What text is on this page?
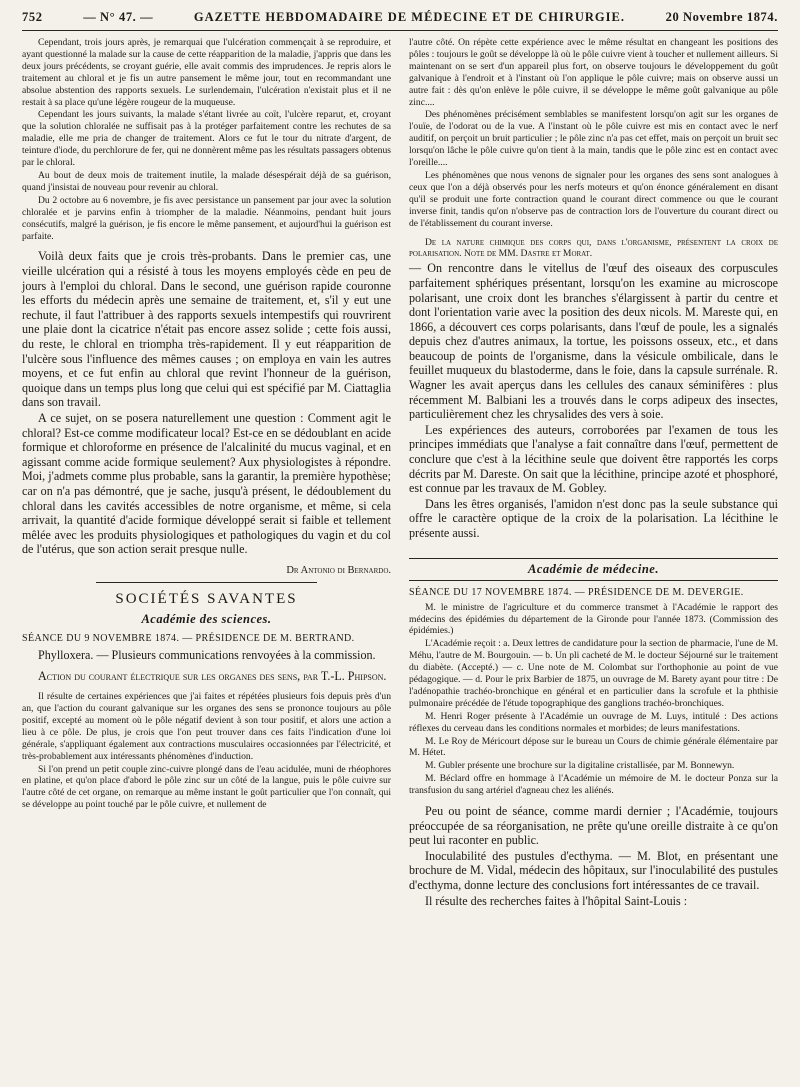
752	— N° 47. —	GAZETTE HEBDOMADAIRE DE MÉDECINE ET DE CHIRURGIE.	20 Novembre 1874.

Cependant, trois jours après, je remarquai que l'ulcération commençait à se reproduire, et ayant questionné la malade sur la cause de cette réapparition de la maladie, j'appris que dans les deux jours précédents, se croyant guérie, elle avait commis des imprudences. Je repris alors le traitement au chloral et je fis un autre pansement le même jour, tout en recommandant une absolue abstention des rapports sexuels. Le surlendemain, l'ulcération n'existait plus et il ne restait à sa place qu'une légère rougeur de la muqueuse.

Cependant les jours suivants, la malade s'étant livrée au coït, l'ulcère reparut, et, croyant que la solution chloralée ne suffisait pas à la protéger parfaitement contre les rechutes de sa maladie, elle me pria de changer de traitement. Alors ce fut le tour du nitrate d'argent, de teinture d'iode, du perchlorure de fer, qui ne donnèrent même pas les résultats passagers obtenus par le chloral.

Au bout de deux mois de traitement inutile, la malade désespérait déjà de sa guérison, quand j'insistai de nouveau pour revenir au chloral.

Du 2 octobre au 6 novembre, je fis avec persistance un pansement par jour avec la solution chloralée et je parvins enfin à triompher de la maladie. Néanmoins, pendant huit jours consécutifs, malgré la guérison, je fis encore le même pansement, et aujourd'hui la guérison est parfaite.

Voilà deux faits que je crois très-probants. Dans le premier cas, une vieille ulcération qui a résisté à tous les moyens employés cède en peu de jours à l'emploi du chloral. Dans le second, une guérison rapide couronne les efforts du médecin après une semaine de traitement, et, s'il y eut une rechute, il faut l'attribuer à des rapports sexuels intempestifs qui rouvrirent une plaie dont la cicatrice n'était pas encore assez solide ; cette fois aussi, du reste, le chloral en triompha très-rapidement. Il y eut réapparition de l'ulcère sous l'influence des mêmes causes ; on employa en vain les autres moyens, et ce fut enfin au chloral que revint l'honneur de la guérison, quoique dans un temps plus long que celui qui est spécifié par M. Ciattaglia dans son travail.

A ce sujet, on se posera naturellement une question : Comment agit le chloral? Est-ce comme modificateur local? Est-ce en se dédoublant en acide formique et chloroforme en présence de l'alcalinité du mucus vaginal, et en agissant comme acide formique seulement? Aux physiologistes à répondre. Moi, j'admets comme plus probable, sans la garantir, la première hypothèse; car on n'a pas démontré, que je sache, jusqu'à présent, le dédoublement du chloral dans les cavités accessibles de notre organisme, et même, si cela arrivait, la quantité d'acide formique développé serait si faible et tellement mêlée avec les produits physiologiques et pathologiques du vagin et du col de l'utérus, que son action serait presque nulle.

Dr Antonio di Bernardo.
SOCIÉTÉS SAVANTES
Académie des sciences.
SÉANCE DU 9 NOVEMBRE 1874. — PRÉSIDENCE DE M. BERTRAND.

Phylloxera. — Plusieurs communications renvoyées à la commission.

Action du courant électrique sur les organes des sens, par T.-L. Phipson.

Il résulte de certaines expériences que j'ai faites et répétées plusieurs fois depuis près d'un an, que l'action du courant galvanique sur les organes des sens se prononce toujours au pôle positif, excepté au moment où le pôle négatif devient à son tour positif, et alors une action a lieu à ce pôle. De plus, je crois que l'on peut trouver dans ces faits l'indication d'une loi générale, s'appliquant également aux contractions musculaires occasionnées par l'électricité, et très-probablement aux intéressants phénomènes d'induction.

Si l'on prend un petit couple zinc-cuivre plongé dans de l'eau acidulée, muni de rhéophores en platine, et qu'on place d'abord le pôle zinc sur un côté de la langue, puis le pôle cuivre sur l'autre côté de cet organe, on remarque au même instant le goût particulier que l'on connaît, qui se développe au point touché par le pôle cuivre, et nullement de

l'autre côté. On répète cette expérience avec le même résultat en changeant les positions des pôles : toujours le goût se développe là où le pôle cuivre vient à toucher et nullement ailleurs. Si maintenant on se sert d'un appareil plus fort, on observe toujours le développement du goût galvanique à l'endroit et à l'instant où l'on applique le pôle cuivre; mais on observe aussi un autre fait : dès qu'on enlève le pôle cuivre, il se développe le même goût galvanique au pôle zinc....

Des phénomènes précisément semblables se manifestent lorsqu'on agit sur les organes de l'ouïe, de l'odorat ou de la vue. A l'instant où le pôle cuivre est mis en contact avec le nerf auditif, on perçoit un bruit particulier ; le pôle zinc n'a pas cet effet, mais on perçoit un bruit sec lorsqu'on lâche le pôle cuivre qu'on tient à la main, tandis que le pôle zinc est en contact avec l'oreille....

Les phénomènes que nous venons de signaler pour les organes des sens sont analogues à ceux que l'on a déjà observés pour les nerfs moteurs et qu'on énonce généralement en disant qu'il se produit une forte contraction quand le courant direct commence ou que le courant inverse finit, tandis qu'on n'observe pas de contraction lors de l'ouverture du courant direct ou de l'établissement du courant inverse.

De la nature chimique des corps qui, dans l'organisme, présentent la croix de polarisation. Note de MM. Dastre et Morat.

— On rencontre dans le vitellus de l'œuf des oiseaux des corpuscules parfaitement sphériques présentant, lorsqu'on les examine au microscope polarisant, une croix dont les branches s'élargissent à partir du centre et dont l'orientation varie avec la position des deux nicols. M. Mareste qui, en 1866, a découvert ces corps polarisants, dans l'œuf de poule, les a signalés depuis chez d'autres animaux, la tortue, les poissons osseux, etc., et dans beaucoup de points de l'organisme, dans la vésicule ombilicale, dans le feuillet muqueux du blastoderme, dans le foie, dans la capsule surrénale. R. Wagner les avait aperçus dans les cellules des canaux séminifères : plus récemment M. Balbiani les a trouvés dans le corps adipeux des insectes, particulièrement chez les chrysalides des vers à soie.

Les expériences des auteurs, corroborées par l'examen de tous les principes immédiats que l'analyse a fait connaître dans l'œuf, permettent de conclure que c'est à la lécithine seule que doivent être rapportés les corps décrits par M. Dareste. On sait que la lécithine, principe azoté et phosphoré, est connue par les travaux de M. Gobley.

Dans les êtres organisés, l'amidon n'est donc pas la seule substance qui offre le caractère optique de la croix de la polarisation. La lécithine le présente aussi.

Académie de médecine.
SÉANCE DU 17 NOVEMBRE 1874. — PRÉSIDENCE DE M. DEVERGIE.

M. le ministre de l'agriculture et du commerce transmet à l'Académie le rapport des médecins des épidémies du département de la Gironde pour l'année 1873. (Commission des épidémies.)

L'Académie reçoit : a. Deux lettres de candidature pour la section de pharmacie, l'une de M. Méhu, l'autre de M. Bourgouin. — b. Un pli cacheté de M. le docteur Séjourné sur le traitement du diabète. (Accepté.) — c. Une note de M. Colombat sur l'orthophonie au point de vue pédagogique. — d. Pour le prix Barbier de 1875, un ouvrage de M. Barety ayant pour titre : De l'adénopathie trachéo-bronchique en général et en particulier dans la scrofule et la phthisie pulmonaire précédée de l'étude topographique des ganglions trachéo-bronchiques.

M. Henri Roger présente à l'Académie un ouvrage de M. Luys, intitulé : Des actions réflexes du cerveau dans les conditions normales et morbides; de leurs manifestations.

M. Le Roy de Méricourt dépose sur le bureau un Cours de chimie générale élémentaire par M. Hétet.

M. Gubler présente une brochure sur la digitaline cristallisée, par M. Bonnewyn.

M. Béclard offre en hommage à l'Académie un mémoire de M. le docteur Ponza sur la transfusion du sang artériel d'agneau chez les aliénés.

Peu ou point de séance, comme mardi dernier ; l'Académie, toujours préoccupée de sa réorganisation, ne prête qu'une oreille distraite à ce qu'on peut lui raconter en public.

Inoculabilité des pustules d'ecthyma. — M. Blot, en présentant une brochure de M. Vidal, médecin des hôpitaux, sur l'inoculabilité des pustules d'ecthyma, donne lecture des conclusions fort intéressantes de ce travail.

Il résulte des recherches faites à l'hôpital Saint-Louis :
